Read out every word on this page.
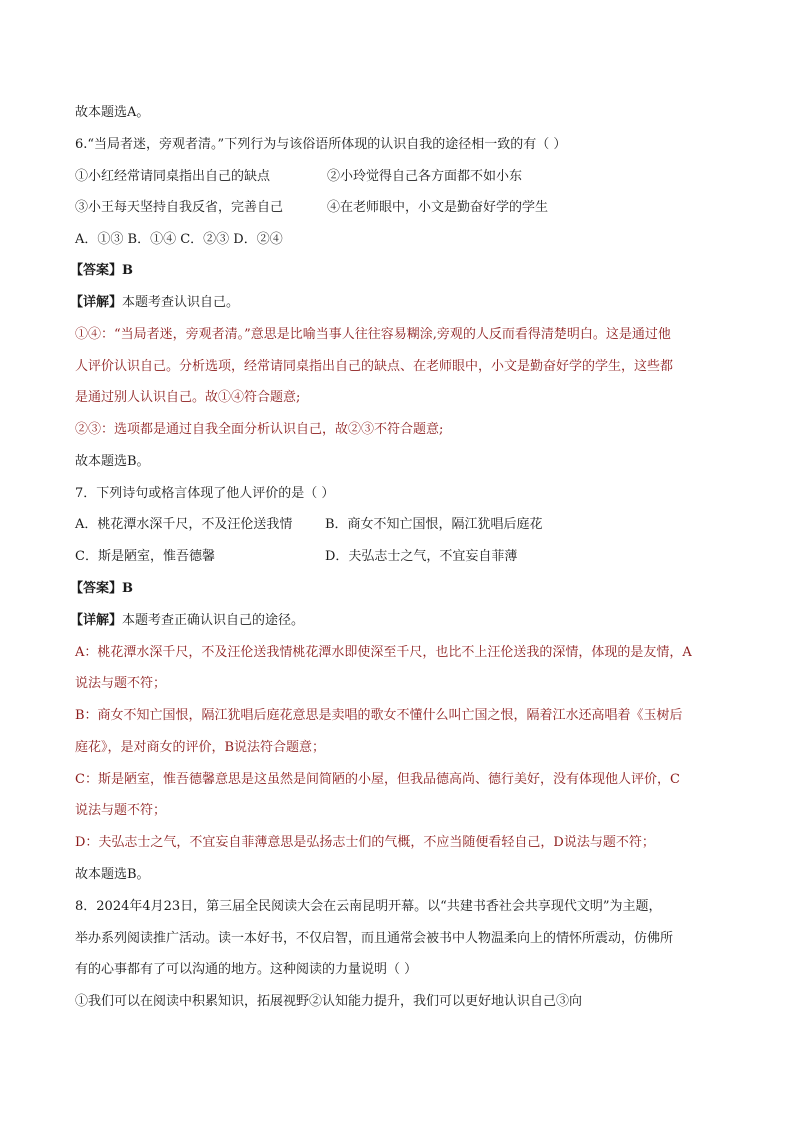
故本题选A。
6.“当局者迷，旁观者清。”下列行为与该俗语所体现的认识自我的途径相一致的有（ ）
①小红经常请同桌指出自己的缺点	②小玲觉得自己各方面都不如小东
③小王每天坚持自我反省，完善自己	④在老师眼中，小文是勤奋好学的学生
A．①③ B．①④ C．②③ D．②④
【答案】B
【详解】本题考查认识自己。
①④：“当局者迷，旁观者清。”意思是比喻当事人往往容易糊涂,旁观的人反而看得清楚明白。这是通过他
人评价认识自己。分析选项，经常请同桌指出自己的缺点、在老师眼中，小文是勤奋好学的学生，这些都
是通过别人认识自己。故①④符合题意;
②③：选项都是通过自我全面分析认识自己，故②③不符合题意;
故本题选B。
7．下列诗句或格言体现了他人评价的是（ ）
A．桃花潭水深千尺，不及汪伦送我情	B．商女不知亡国恨，隔江犹唱后庭花
C．斯是陋室，惟吾德馨	D．夫弘志士之气，不宜妄自菲薄
【答案】B
【详解】本题考查正确认识自己的途径。
A：桃花潭水深千尺，不及汪伦送我情桃花潭水即使深至千尺，也比不上汪伦送我的深情，体现的是友情，A
说法与题不符；
B：商女不知亡国恨，隔江犹唱后庭花意思是卖唱的歌女不懂什么叫亡国之恨，隔着江水还高唱着《玉树后
庭花》，是对商女的评价，B说法符合题意；
C：斯是陋室，惟吾德馨意思是这虽然是间简陋的小屋，但我品德高尚、德行美好，没有体现他人评价，C
说法与题不符；
D：夫弘志士之气，不宜妄自菲薄意思是弘扬志士们的气概，不应当随便看轻自己，D说法与题不符；
故本题选B。
8．2024年4月23日，第三届全民阅读大会在云南昆明开幕。以“共建书香社会共享现代文明”为主题，
举办系列阅读推广活动。读一本好书，不仅启智，而且通常会被书中人物温柔向上的情怀所震动，仿佛所
有的心事都有了可以沟通的地方。这种阅读的力量说明（ ）
①我们可以在阅读中积累知识，拓展视野②认知能力提升，我们可以更好地认识自己③向
